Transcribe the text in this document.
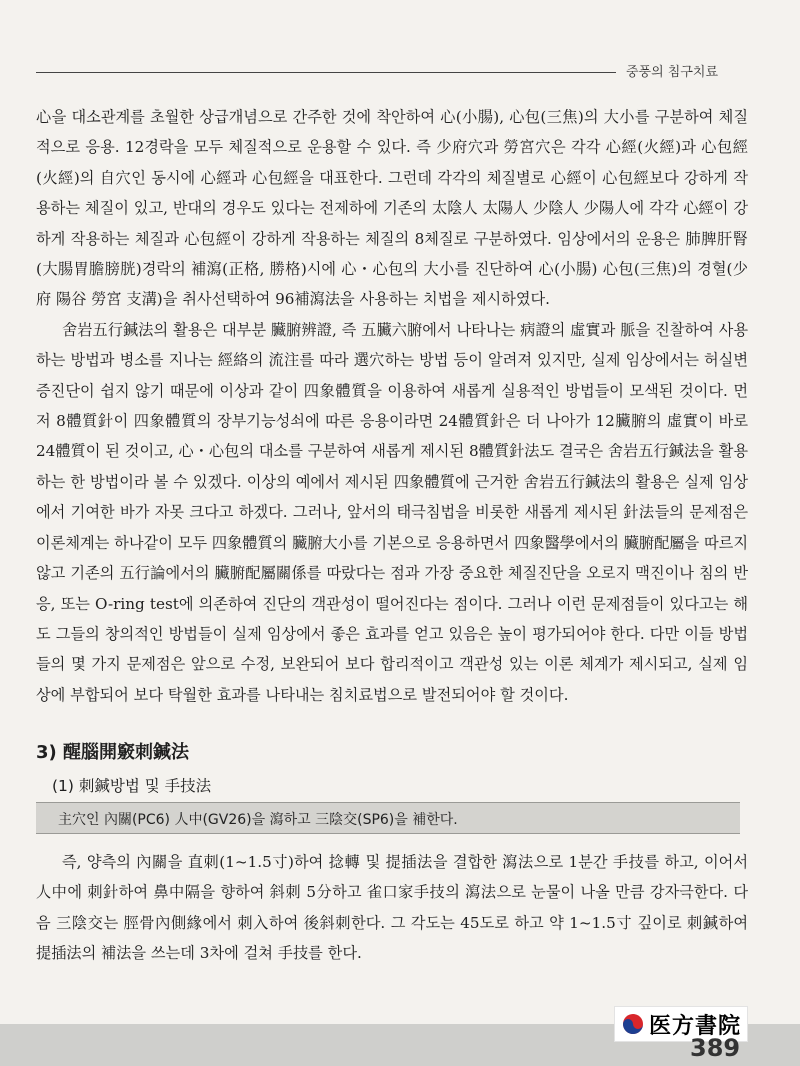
중풍의 침구치료

心을 대소관계를 초월한 상급개념으로 간주한 것에 착안하여 心(小腸), 心包(三焦)의 大小를 구분하여 체질적으로 응용. 12경락을 모두 체질적으로 운용할 수 있다. 즉 少府穴과 勞宮穴은 각각 心經(火經)과 心包經(火經)의 自穴인 동시에 心經과 心包經을 대표한다. 그런데 각각의 체질별로 心經이 心包經보다 강하게 작용하는 체질이 있고, 반대의 경우도 있다는 전제하에 기존의 太陰人 太陽人 少陰人 少陽人에 각각 心經이 강하게 작용하는 체질과 心包經이 강하게 작용하는 체질의 8체질로 구분하였다. 임상에서의 운용은 肺脾肝腎(大腸胃膽膀胱)경락의 補瀉(正格, 勝格)시에 心・心包의 大小를 진단하여 心(小腸) 心包(三焦)의 경혈(少府 陽谷 勞宮 支溝)을 취사선택하여 96補瀉法을 사용하는 치법을 제시하였다.

舍岩五行鍼法의 활용은 대부분 臟腑辨證, 즉 五臟六腑에서 나타나는 病證의 虛實과 脈을 진찰하여 사용하는 방법과 병소를 지나는 經絡의 流注를 따라 選穴하는 방법 등이 알려져 있지만, 실제 임상에서는 허실변증진단이 쉽지 않기 때문에 이상과 같이 四象體質을 이용하여 새롭게 실용적인 방법들이 모색된 것이다. 먼저 8體質針이 四象體質의 장부기능성쇠에 따른 응용이라면 24體質針은 더 나아가 12臟腑의 虛實이 바로 24體質이 된 것이고, 心・心包의 대소를 구분하여 새롭게 제시된 8體質針法도 결국은 舍岩五行鍼法을 활용하는 한 방법이라 볼 수 있겠다. 이상의 예에서 제시된 四象體質에 근거한 舍岩五行鍼法의 활용은 실제 임상에서 기여한 바가 자못 크다고 하겠다. 그러나, 앞서의 태극침법을 비롯한 새롭게 제시된 針法들의 문제점은 이론체계는 하나같이 모두 四象體質의 臟腑大小를 기본으로 응용하면서 四象醫學에서의 臟腑配屬을 따르지 않고 기존의 五行論에서의 臟腑配屬關係를 따랐다는 점과 가장 중요한 체질진단을 오로지 맥진이나 침의 반응, 또는 O-ring test에 의존하여 진단의 객관성이 떨어진다는 점이다. 그러나 이런 문제점들이 있다고는 해도 그들의 창의적인 방법들이 실제 임상에서 좋은 효과를 얻고 있음은 높이 평가되어야 한다. 다만 이들 방법들의 몇 가지 문제점은 앞으로 수정, 보완되어 보다 합리적이고 객관성 있는 이론 체계가 제시되고, 실제 임상에 부합되어 보다 탁월한 효과를 나타내는 침치료법으로 발전되어야 할 것이다.

3) 醒腦開竅刺鍼法
(1) 刺鍼방법 및 手技法
主穴인 內關(PC6) 人中(GV26)을 瀉하고 三陰交(SP6)을 補한다.

즉, 양측의 內關을 直刺(1~1.5寸)하여 捻轉 및 提插法을 결합한 瀉法으로 1분간 手技를 하고, 이어서 人中에 刺針하여 鼻中隔을 향하여 斜刺 5分하고 雀口家手技의 瀉法으로 눈물이 나올 만큼 강자극한다. 다음 三陰交는 脛骨內側緣에서 刺入하여 後斜刺한다. 그 각도는 45도로 하고 약 1~1.5寸 깊이로 刺鍼하여 提插法의 補法을 쓰는데 3차에 걸쳐 手技를 한다.

医方書院
389
